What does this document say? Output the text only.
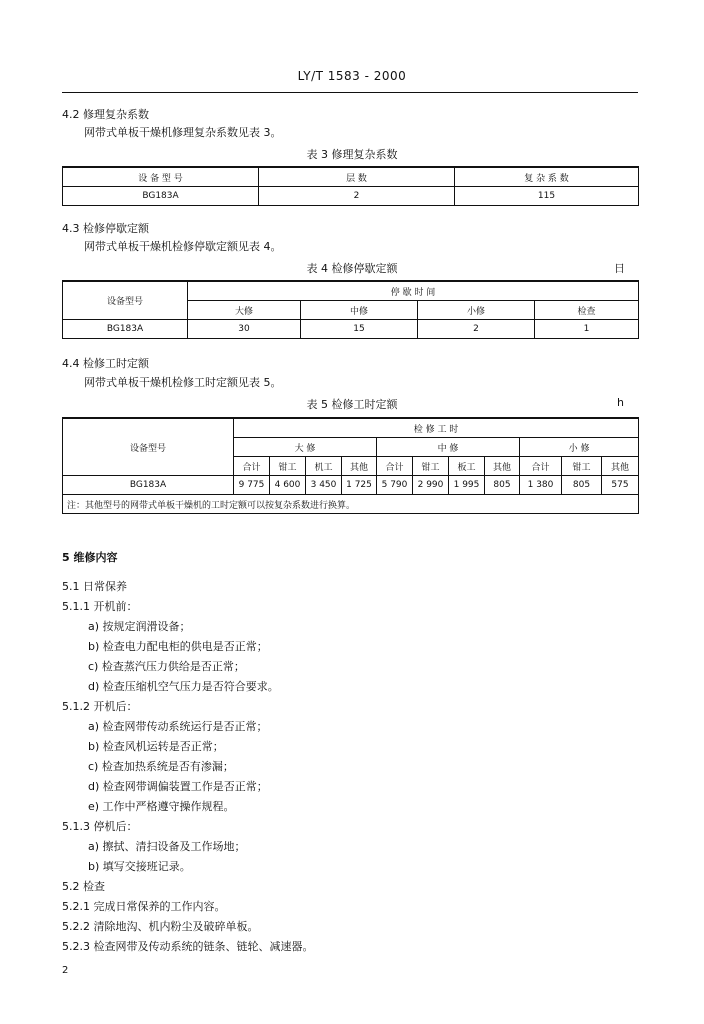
LY/T 1583 - 2000
4.2 修理复杂系数
网带式单板干燥机修理复杂系数见表 3。
表 3 修理复杂系数
设 备 型 号	层 数	复 杂 系 数
BG183A	2	115
4.3 检修停歇定额
网带式单板干燥机检修停歇定额见表 4。
表 4 检修停歇定额	日
设备型号	停 歇 时 间			
	大修	中修	小修	检查
BG183A	30	15	2	1
4.4 检修工时定额
网带式单板干燥机检修工时定额见表 5。
表 5 检修工时定额	h
设备型号	检 修 工 时										
	大 修				中 修				小 修		
	合计	钳工	机工	其他	合计	钳工	板工	其他	合计	钳工	其他
BG183A	9 775	4 600	3 450	1 725	5 790	2 990	1 995	805	1 380	805	575
注：其他型号的网带式单板干燥机的工时定额可以按复杂系数进行换算。											
5 维修内容
5.1 日常保养
5.1.1 开机前：
a) 按规定润滑设备；
b) 检查电力配电柜的供电是否正常；
c) 检查蒸汽压力供给是否正常；
d) 检查压缩机空气压力是否符合要求。
5.1.2 开机后：
a) 检查网带传动系统运行是否正常；
b) 检查风机运转是否正常；
c) 检查加热系统是否有渗漏；
d) 检查网带调偏装置工作是否正常；
e) 工作中严格遵守操作规程。
5.1.3 停机后：
a) 擦拭、清扫设备及工作场地；
b) 填写交接班记录。
5.2 检查
5.2.1 完成日常保养的工作内容。
5.2.2 清除地沟、机内粉尘及破碎单板。
5.2.3 检查网带及传动系统的链条、链轮、减速器。
2
